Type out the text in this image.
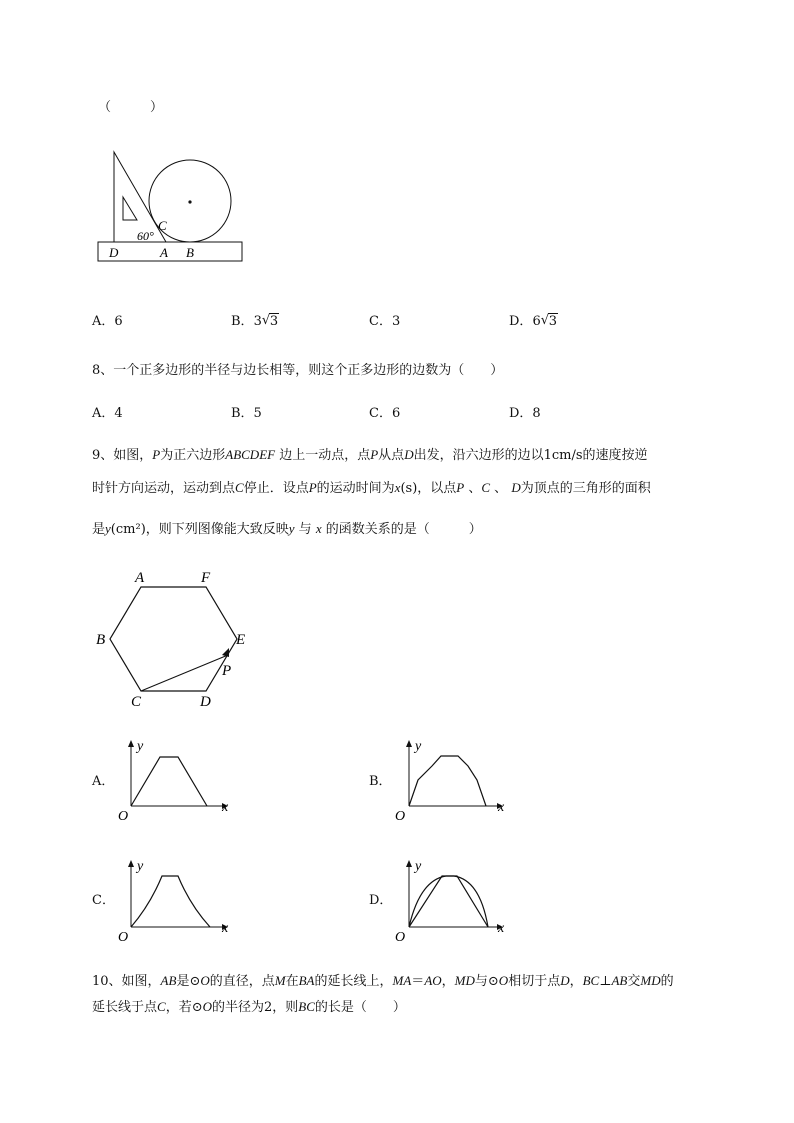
（　　　）
C
60°
D	A B
A．6	B．3 √ 3	C．3	D．6 √ 3
8、一个正多边形的半径与边长相等，则这个正多边形的边数为（　　）
A．4	B．5	C．6	D．8
9、如图，P为正六边形ABCDEF 边上一动点，点P从点D出发，沿六边形的边以1cm/s的速度按逆
时针方向运动，运动到点C停止．设点P的运动时间为x(s)，以点P 、C 、 D为顶点的三角形的面积
是y(cm²)，则下列图像能大致反映y 与 x 的函数关系的是（　　　）
A	F
B	E
P
C	D
A．
y
x
O
B．
y
x
O
C．
y
x
O
D．
y
x
O
10、如图，AB是⊙O的直径，点M在BA的延长线上，MA＝AO，MD与⊙O相切于点D，BC⊥AB交MD的
延长线于点C，若⊙O的半径为2，则BC的长是（　　）
